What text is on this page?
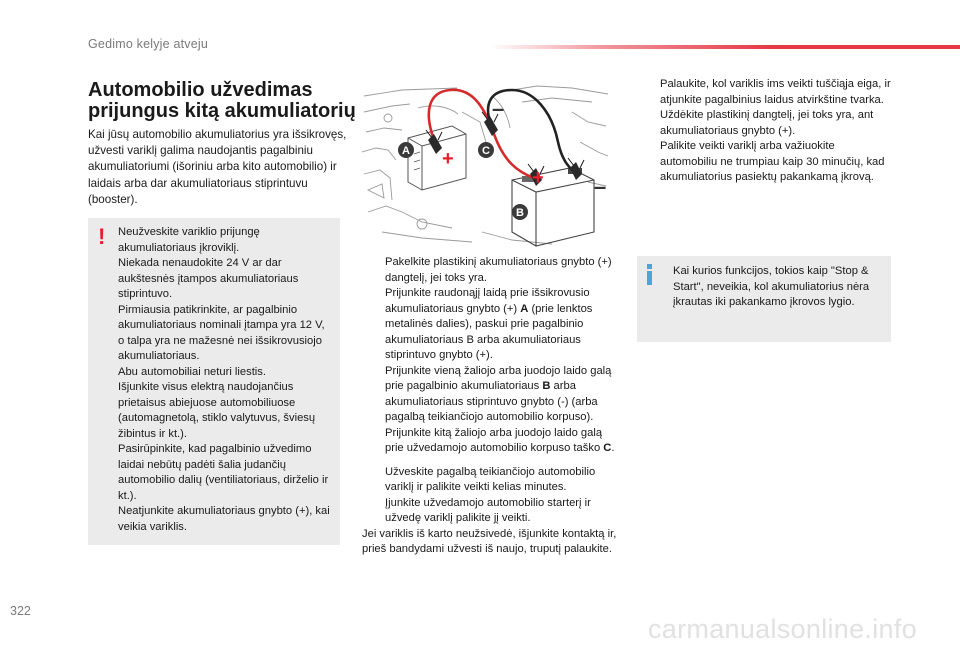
Gedimo kelyje atveju
Automobilio užvedimas
prijungus kitą akumuliatorių

Kai jūsų automobilio akumuliatorius yra išsikrovęs, užvesti variklį galima naudojantis pagalbiniu akumuliatoriumi (išoriniu arba kito automobilio) ir laidais arba dar akumuliatoriaus stiprintuvu (booster).

! Neužveskite variklio prijungę akumuliatoriaus įkroviklį.
Niekada nenaudokite 24 V ar dar aukštesnės įtampos akumuliatoriaus stiprintuvo.
Pirmiausia patikrinkite, ar pagalbinio akumuliatoriaus nominali įtampa yra 12 V, o talpa yra ne mažesnė nei išsikrovusiojo akumuliatoriaus.
Abu automobiliai neturi liestis.
Išjunkite visus elektrą naudojančius prietaisus abiejuose automobiliuose (automagnetolą, stiklo valytuvus, šviesų žibintus ir kt.).
Pasirūpinkite, kad pagalbinio užvedimo laidai nebūtų padėti šalia judančių automobilio dalių (ventiliatoriaus, dirželio ir kt.).
Neatjunkite akumuliatoriaus gnybto (+), kai veikia variklis.
+
+
–
–
A	C
B
Pakelkite plastikinį akumuliatoriaus gnybto (+) dangtelį, jei toks yra.
Prijunkite raudonąjį laidą prie išsikrovusio akumuliatoriaus gnybto (+) A (prie lenktos metalinės dalies), paskui prie pagalbinio akumuliatoriaus B arba akumuliatoriaus stiprintuvo gnybto (+).
Prijunkite vieną žaliojo arba juodojo laido galą prie pagalbinio akumuliatoriaus B arba akumuliatoriaus stiprintuvo gnybto (-) (arba pagalbą teikiančiojo automobilio korpuso).
Prijunkite kitą žaliojo arba juodojo laido galą prie užvedamojo automobilio korpuso taško C.
Užveskite pagalbą teikiančiojo automobilio variklį ir palikite veikti kelias minutes.
Įjunkite užvedamojo automobilio starterį ir užvedę variklį palikite jį veikti.

Jei variklis iš karto neužsivedė, išjunkite kontaktą ir, prieš bandydami užvesti iš naujo, truputį palaukite.

Palaukite, kol variklis ims veikti tuščiąja eiga, ir atjunkite pagalbinius laidus atvirkštine tvarka.
Uždėkite plastikinį dangtelį, jei toks yra, ant akumuliatoriaus gnybto (+).
Palikite veikti variklį arba važiuokite automobiliu ne trumpiau kaip 30 minučių, kad akumuliatorius pasiektų pakankamą įkrovą.

Kai kurios funkcijos, tokios kaip "Stop & Start", neveikia, kol akumuliatorius nėra įkrautas iki pakankamo įkrovos lygio.

322
carmanualsonline.info
